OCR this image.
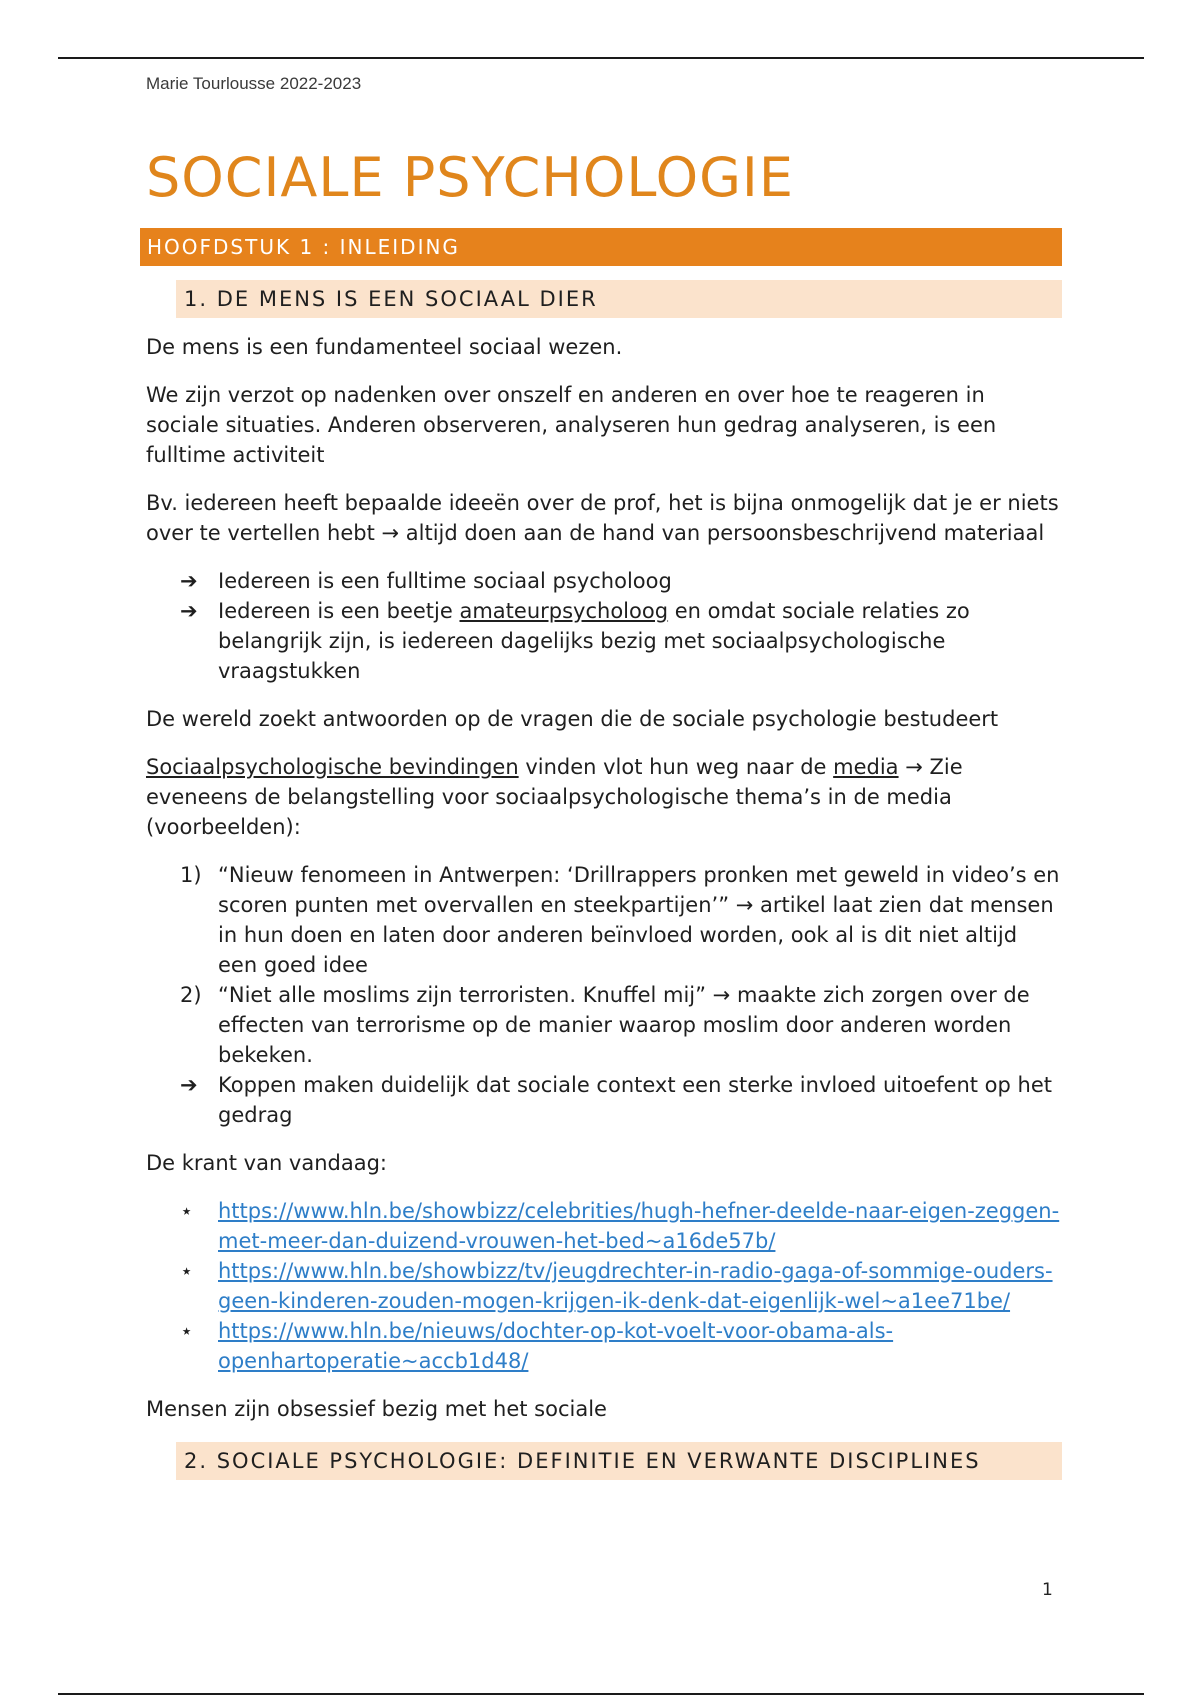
Marie Tourlousse 2022-2023
SOCIALE PSYCHOLOGIE
HOOFDSTUK 1 : INLEIDING
1. DE MENS IS EEN SOCIAAL DIER

De mens is een fundamenteel sociaal wezen.

We zijn verzot op nadenken over onszelf en anderen en over hoe te reageren in sociale situaties. Anderen observeren, analyseren hun gedrag analyseren, is een fulltime activiteit

Bv. iedereen heeft bepaalde ideeën over de prof, het is bijna onmogelijk dat je er niets over te vertellen hebt → altijd doen aan de hand van persoonsbeschrijvend materiaal

➔ Iedereen is een fulltime sociaal psycholoog
➔ Iedereen is een beetje amateurpsycholoog en omdat sociale relaties zo belangrijk zijn, is iedereen dagelijks bezig met sociaalpsychologische vraagstukken

De wereld zoekt antwoorden op de vragen die de sociale psychologie bestudeert

Sociaalpsychologische bevindingen vinden vlot hun weg naar de media → Zie eveneens de belangstelling voor sociaalpsychologische thema’s in de media (voorbeelden):

1) “Nieuw fenomeen in Antwerpen: ‘Drillrappers pronken met geweld in video’s en scoren punten met overvallen en steekpartijen’” → artikel laat zien dat mensen in hun doen en laten door anderen beïnvloed worden, ook al is dit niet altijd een goed idee
2) “Niet alle moslims zijn terroristen. Knuffel mij” → maakte zich zorgen over de effecten van terrorisme op de manier waarop moslim door anderen worden bekeken.
➔ Koppen maken duidelijk dat sociale context een sterke invloed uitoefent op het gedrag

De krant van vandaag:

⋆ https://www.hln.be/showbizz/celebrities/hugh-hefner-deelde-naar-eigen-zeggen-met-meer-dan-duizend-vrouwen-het-bed~a16de57b/
⋆ https://www.hln.be/showbizz/tv/jeugdrechter-in-radio-gaga-of-sommige-ouders-geen-kinderen-zouden-mogen-krijgen-ik-denk-dat-eigenlijk-wel~a1ee71be/
⋆ https://www.hln.be/nieuws/dochter-op-kot-voelt-voor-obama-als-openhartoperatie~accb1d48/

Mensen zijn obsessief bezig met het sociale

2. SOCIALE PSYCHOLOGIE: DEFINITIE EN VERWANTE DISCIPLINES
1
